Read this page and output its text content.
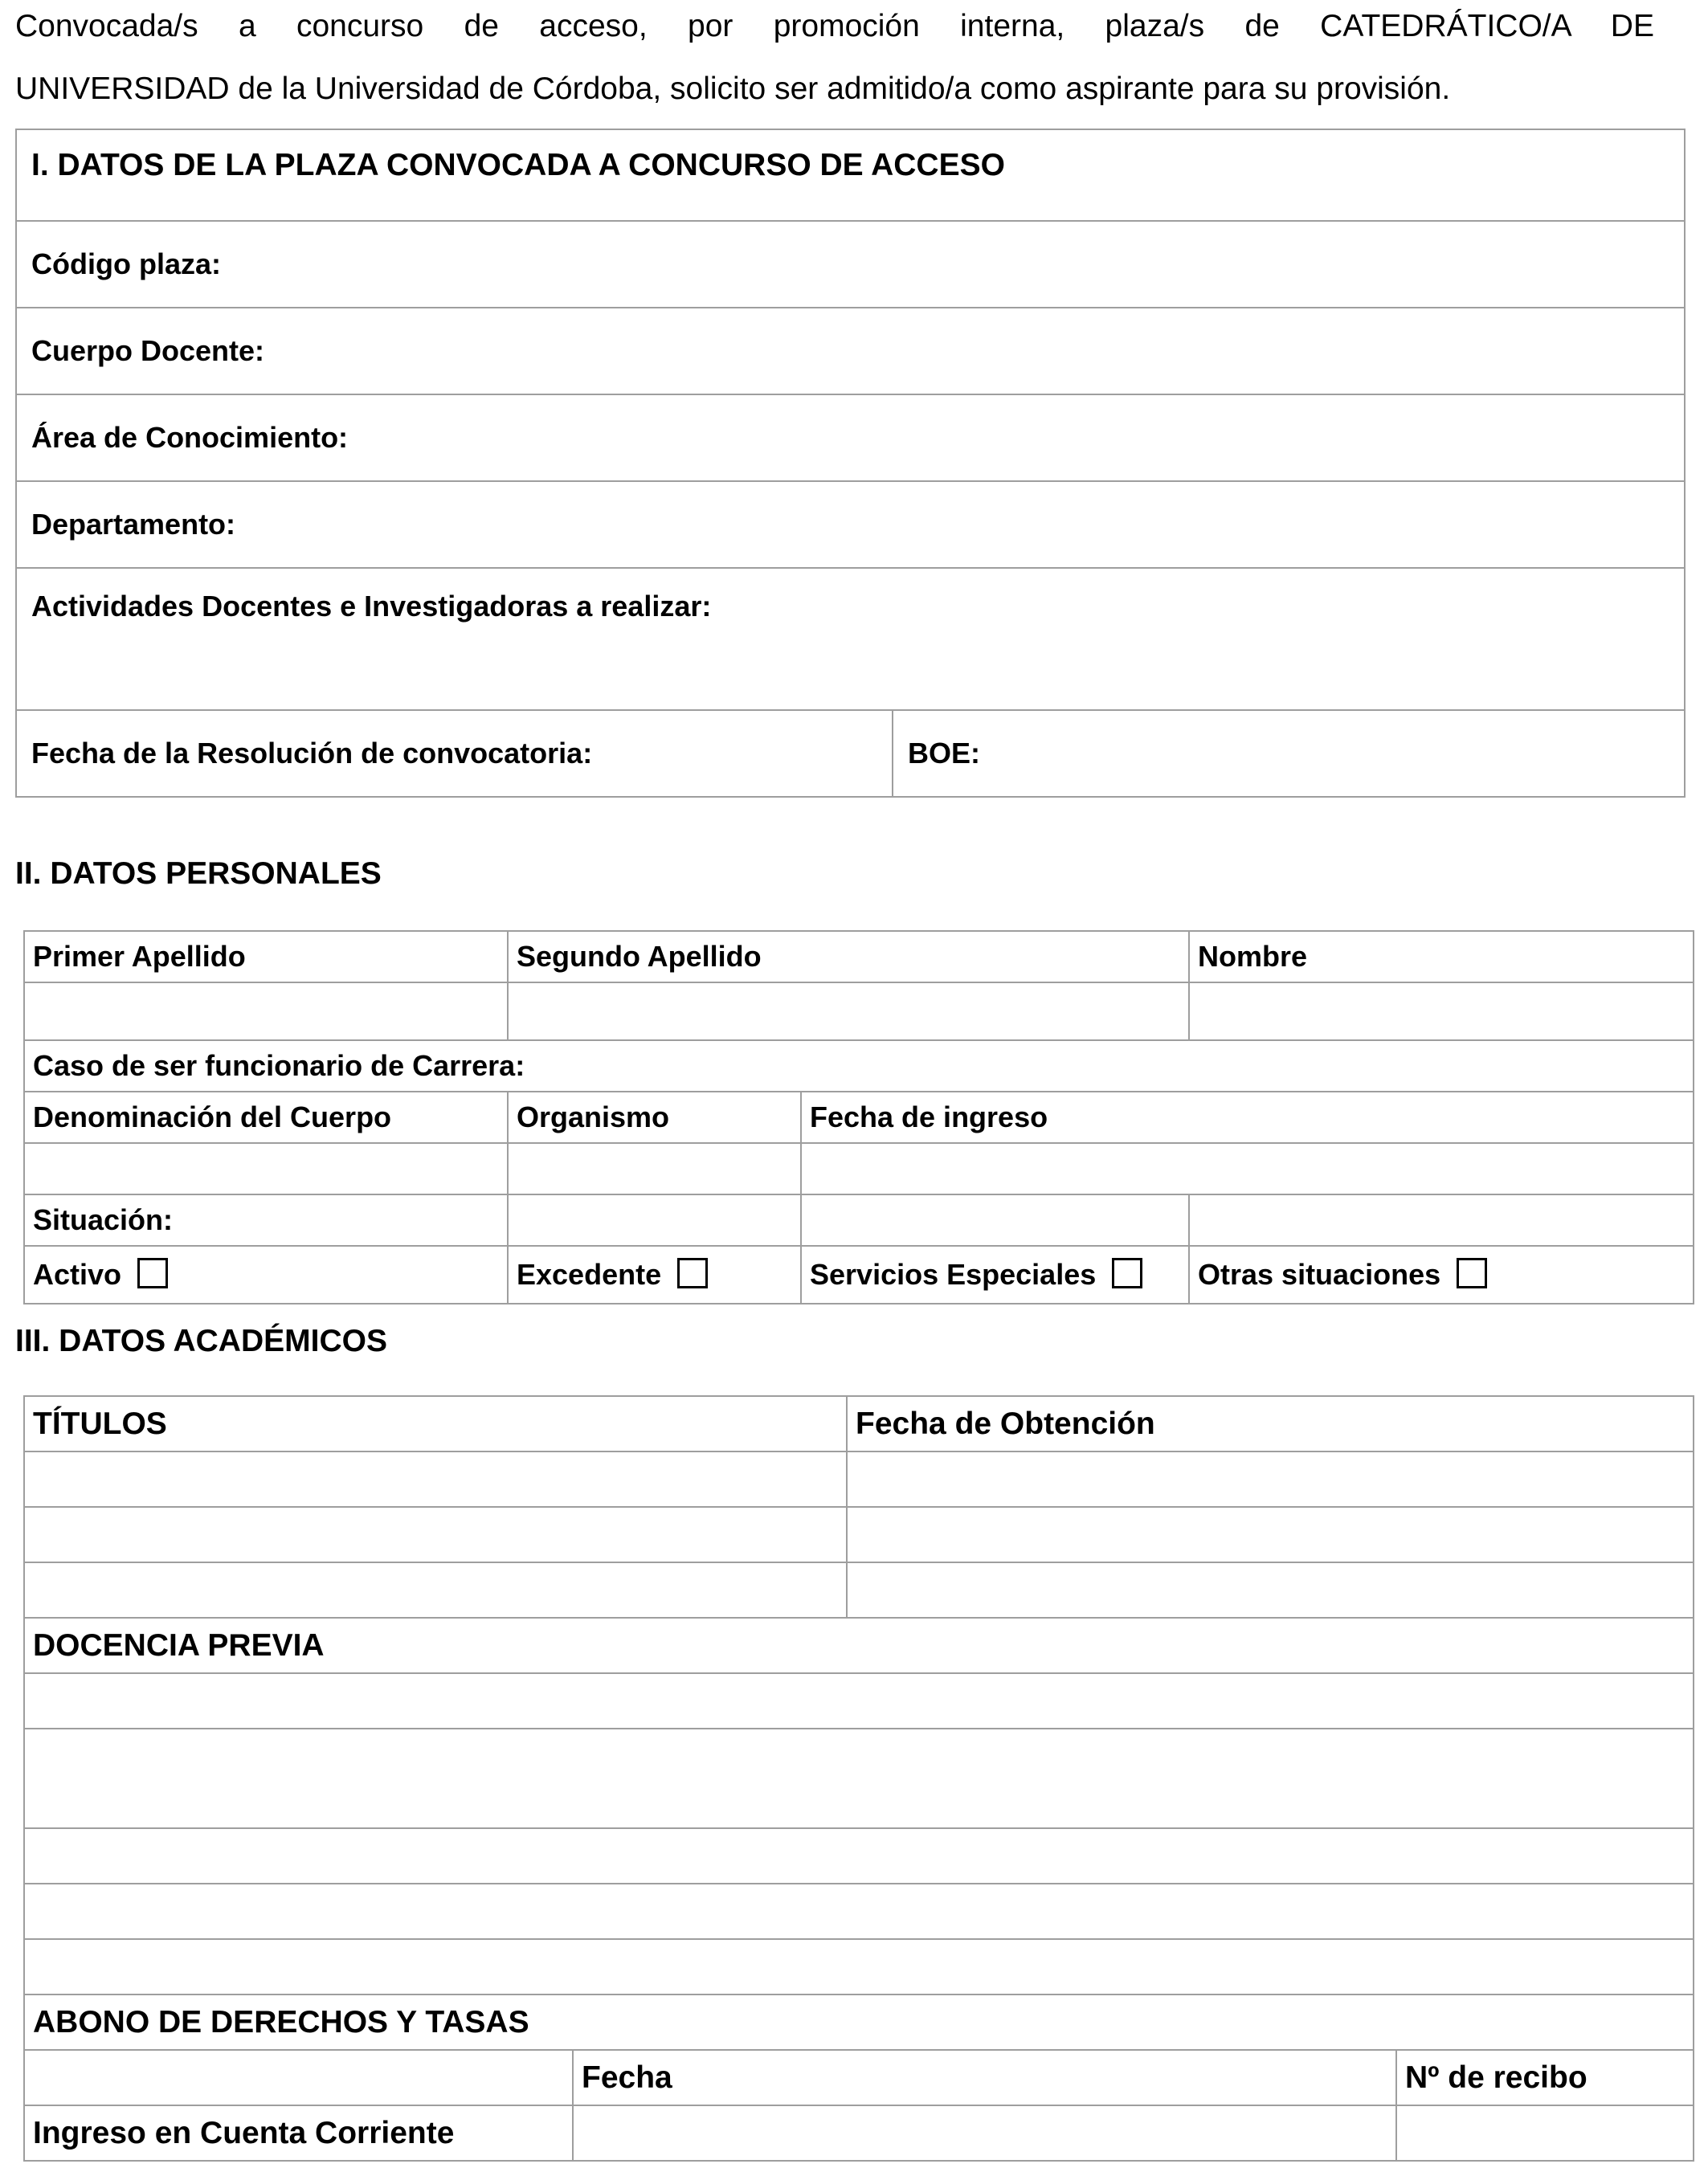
Convocada/s a concurso de acceso, por promoción interna, plaza/s de CATEDRÁTICO/A DE
UNIVERSIDAD de la Universidad de Córdoba, solicito ser admitido/a como aspirante para su provisión.
I. DATOS DE LA PLAZA CONVOCADA A CONCURSO DE ACCESO
Código plaza:
Cuerpo Docente:
Área de Conocimiento:
Departamento:
Actividades Docentes e Investigadoras a realizar:
Fecha de la Resolución de convocatoria:	BOE:
II. DATOS PERSONALES
Primer Apellido	Segundo Apellido		Nombre

Caso de ser funcionario de Carrera:			
Denominación del Cuerpo	Organismo	Fecha de ingreso	

Situación:			
Activo	Excedente	Servicios Especiales	Otras situaciones
III. DATOS ACADÉMICOS
TÍTULOS		Fecha de Obtención	

DOCENCIA PREVIA			

ABONO DE DERECHOS Y TASAS			
	Fecha		Nº de recibo
Ingreso en Cuenta Corriente			
